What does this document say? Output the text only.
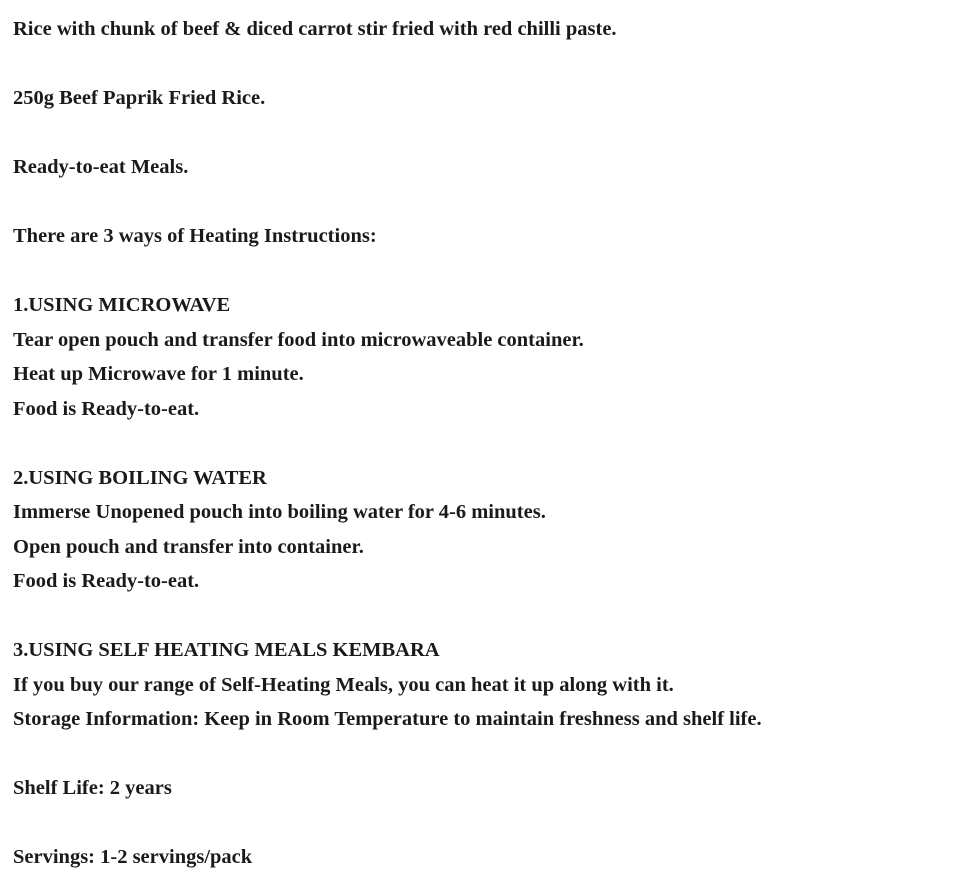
Rice with chunk of beef & diced carrot stir fried with red chilli paste.
250g Beef Paprik Fried Rice.
Ready-to-eat Meals.
There are 3 ways of Heating Instructions:
1.USING MICROWAVE
Tear open pouch and transfer food into microwaveable container.
Heat up Microwave for 1 minute.
Food is Ready-to-eat.
2.USING BOILING WATER
Immerse Unopened pouch into boiling water for 4-6 minutes.
Open pouch and transfer into container.
Food is Ready-to-eat.
3.USING SELF HEATING MEALS KEMBARA
If you buy our range of Self-Heating Meals, you can heat it up along with it.
Storage Information: Keep in Room Temperature to maintain freshness and shelf life.
Shelf Life: 2 years
Servings: 1-2 servings/pack
